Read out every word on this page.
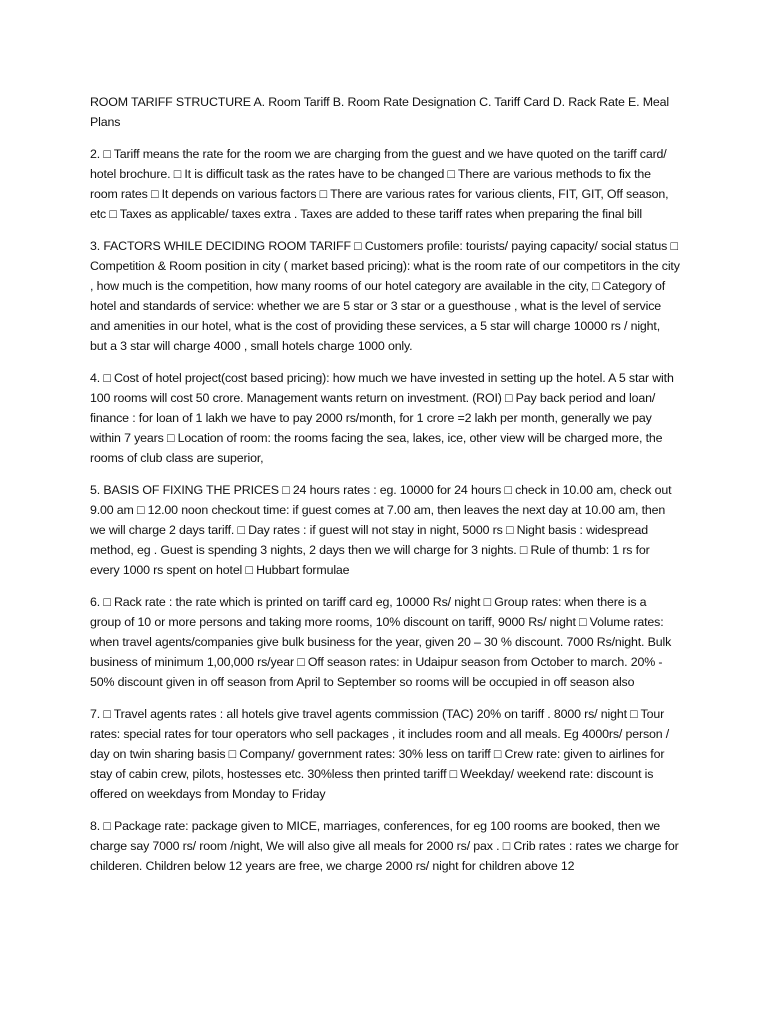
ROOM TARIFF STRUCTURE A. Room Tariff B. Room Rate Designation C. Tariff Card D. Rack Rate E. Meal Plans

2. □ Tariff means the rate for the room we are charging from the guest and we have quoted on the tariff card/ hotel brochure. □ It is difficult task as the rates have to be changed □ There are various methods to fix the room rates □ It depends on various factors □ There are various rates for various clients, FIT, GIT, Off season, etc □ Taxes as applicable/ taxes extra . Taxes are added to these tariff rates when preparing the final bill

3. FACTORS WHILE DECIDING ROOM TARIFF □ Customers profile: tourists/ paying capacity/ social status □ Competition & Room position in city ( market based pricing): what is the room rate of our competitors in the city , how much is the competition, how many rooms of our hotel category are available in the city, □ Category of hotel and standards of service: whether we are 5 star or 3 star or a guesthouse , what is the level of service and amenities in our hotel, what is the cost of providing these services, a 5 star will charge 10000 rs / night, but a 3 star will charge 4000 , small hotels charge 1000 only.

4. □ Cost of hotel project(cost based pricing): how much we have invested in setting up the hotel. A 5 star with 100 rooms will cost 50 crore. Management wants return on investment. (ROI) □ Pay back period and loan/ finance : for loan of 1 lakh we have to pay 2000 rs/month, for 1 crore =2 lakh per month, generally we pay within 7 years □ Location of room: the rooms facing the sea, lakes, ice, other view will be charged more, the rooms of club class are superior,

5. BASIS OF FIXING THE PRICES □ 24 hours rates : eg. 10000 for 24 hours □ check in 10.00 am, check out 9.00 am □ 12.00 noon checkout time: if guest comes at 7.00 am, then leaves the next day at 10.00 am, then we will charge 2 days tariff. □ Day rates : if guest will not stay in night, 5000 rs □ Night basis : widespread method, eg . Guest is spending 3 nights, 2 days then we will charge for 3 nights. □ Rule of thumb: 1 rs for every 1000 rs spent on hotel □ Hubbart formulae

6. □ Rack rate : the rate which is printed on tariff card eg, 10000 Rs/ night □ Group rates: when there is a group of 10 or more persons and taking more rooms, 10% discount on tariff, 9000 Rs/ night □ Volume rates: when travel agents/companies give bulk business for the year, given 20 – 30 % discount. 7000 Rs/night. Bulk business of minimum 1,00,000 rs/year □ Off season rates: in Udaipur season from October to march. 20% - 50% discount given in off season from April to September so rooms will be occupied in off season also

7. □ Travel agents rates : all hotels give travel agents commission (TAC) 20% on tariff . 8000 rs/ night □ Tour rates: special rates for tour operators who sell packages , it includes room and all meals. Eg 4000rs/ person / day on twin sharing basis □ Company/ government rates: 30% less on tariff □ Crew rate: given to airlines for stay of cabin crew, pilots, hostesses etc. 30%less then printed tariff □ Weekday/ weekend rate: discount is offered on weekdays from Monday to Friday

8. □ Package rate: package given to MICE, marriages, conferences, for eg 100 rooms are booked, then we charge say 7000 rs/ room /night, We will also give all meals for 2000 rs/ pax . □ Crib rates : rates we charge for childeren. Children below 12 years are free, we charge 2000 rs/ night for children above 12
